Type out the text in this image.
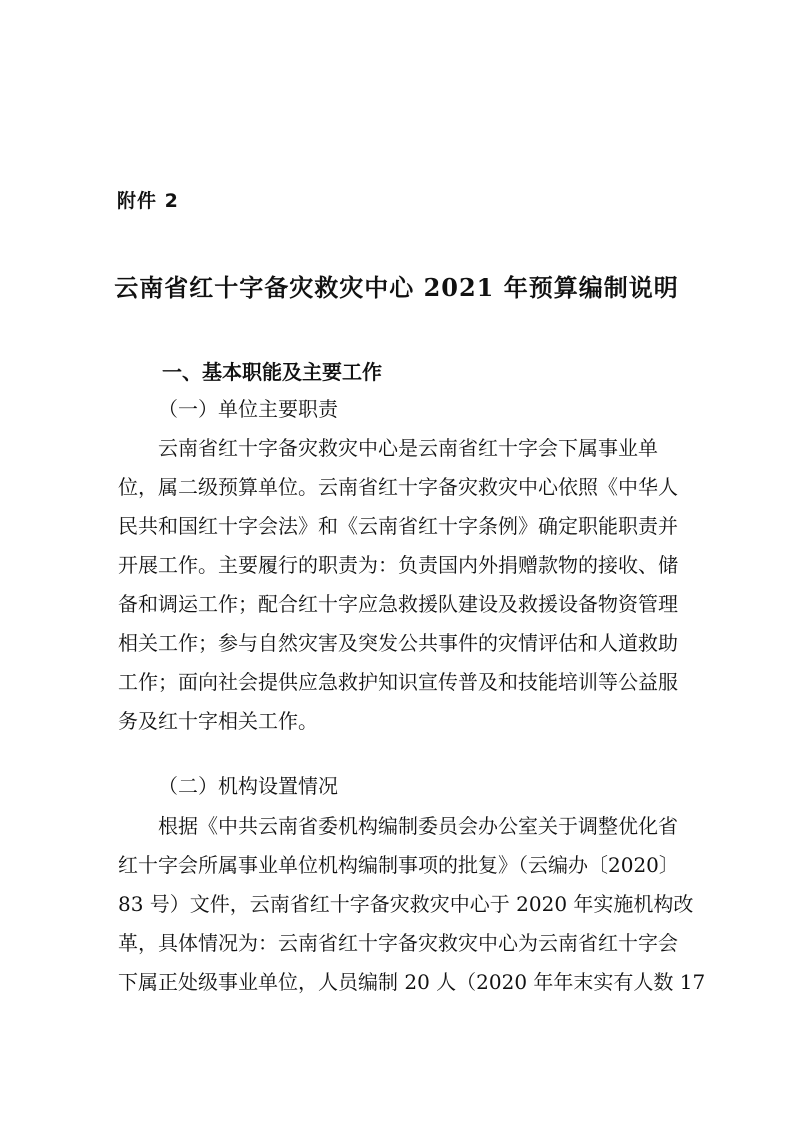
附件 2
云南省红十字备灾救灾中心 2021 年预算编制说明
一、基本职能及主要工作
（一）单位主要职责
云南省红十字备灾救灾中心是云南省红十字会下属事业单
位，属二级预算单位。云南省红十字备灾救灾中心依照《中华人
民共和国红十字会法》和《云南省红十字条例》确定职能职责并
开展工作。主要履行的职责为：负责国内外捐赠款物的接收、储
备和调运工作；配合红十字应急救援队建设及救援设备物资管理
相关工作；参与自然灾害及突发公共事件的灾情评估和人道救助
工作；面向社会提供应急救护知识宣传普及和技能培训等公益服
务及红十字相关工作。
（二）机构设置情况
根据《中共云南省委机构编制委员会办公室关于调整优化省
红十字会所属事业单位机构编制事项的批复》（云编办〔2020〕
83 号）文件，云南省红十字备灾救灾中心于 2020 年实施机构改
革，具体情况为：云南省红十字备灾救灾中心为云南省红十字会
下属正处级事业单位，人员编制 20 人（2020 年年末实有人数 17
